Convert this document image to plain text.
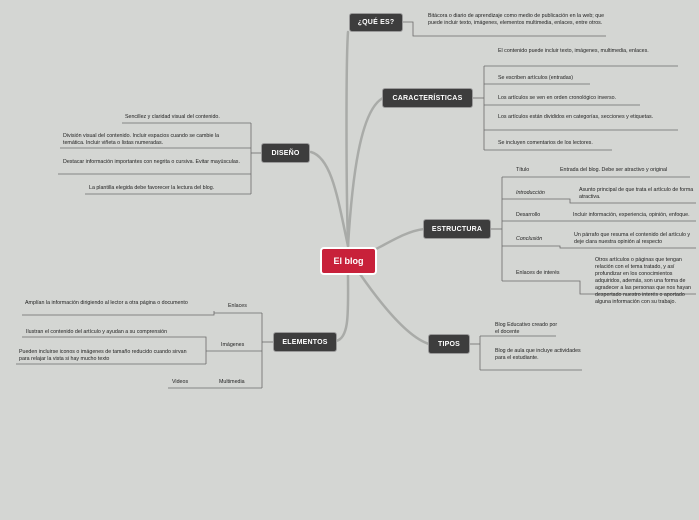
El blog
¿QUÉ ES?
CARACTERÍSTICAS
DISEÑO
ESTRUCTURA
ELEMENTOS	TIPOS
Bitácora o diario de aprendizaje como medio de publicación en la web; que puede incluir texto, imágenes, elementos multimedia, enlaces, entre otros.
El contenido puede incluir texto, imágenes, multimedia, enlaces.
Se escriben artículos (entradas)
Los artículos se ven en orden cronológico inverso.
Los artículos están divididos en categorías, secciones y etiquetas.
Se incluyen comentarios de los lectores.
Sencillez y claridad visual del contenido.
División visual del contenido. Incluir espacios cuando se cambie la temática. Incluir viñeta o listas numeradas.
Destacar información importantes con negrita o cursiva. Evitar mayúsculas.
La plantilla elegida debe favorecer la lectura del blog.
Título	Entrada del blog. Debe ser atractivo y original
Introducción	Asunto principal de que trata el artículo de forma atractiva.
Desarrollo	Incluir información, experiencia, opinión, enfoque.
Conclusión
Un párrafo que resuma el contenido del artículo y deje clara nuestra opinión al respecto
Enlaces de interés
Otros artículos o páginas que tengan relación con el tema tratado, y así profundizar en los conocimientos adquiridos, además, son una forma de agradecer a las personas que nos hayan despertado nuestro interés o aportado alguna información con su trabajo.
Enlaces
Amplían la información dirigiendo al lector a otra página o documento
Imágenes
Ilustran el contenido del artículo y ayudan a su comprensión
Pueden incluirse iconos o imágenes de tamaño reducido cuando sirvan para relajar la vista si hay mucho texto
Multimedia
Videos
Blog Educativo creado por el docente
Blog de aula que incluye actividades para el estudiante.
